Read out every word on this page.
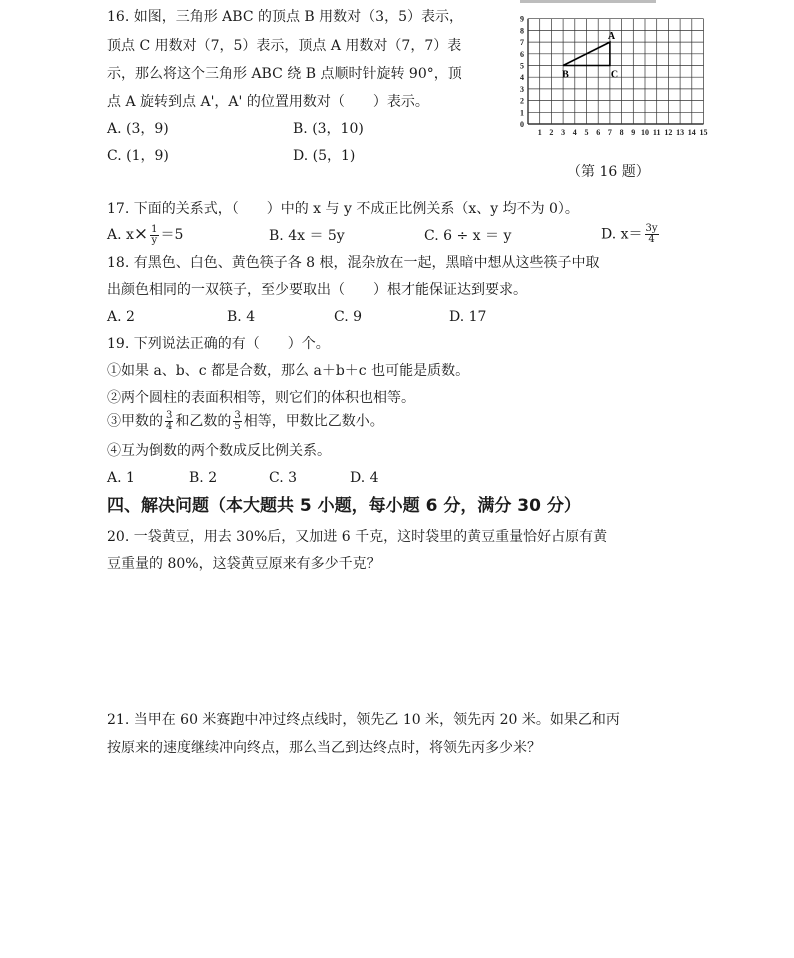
16. 如图，三角形 ABC 的顶点 B 用数对（3，5）表示，
顶点 C 用数对（7，5）表示，顶点 A 用数对（7，7）表
示，那么将这个三角形 ABC 绕 B 点顺时针旋转 90°，顶
点 A 旋转到点 A'，A' 的位置用数对（　　）表示。
A. (3，9)	B. (3，10)
C. (1，9)	D. (5，1)
1 2 3 4 5 6 7 8 9 10 11 12 13 14 15
0
1
2
3
4
5
6
7
8
9
A
B	C
（第 16 题）
17. 下面的关系式，（　　）中的 x 与 y 不成正比例关系（x、y 均不为 0）。
A. $x\times \frac{1}{y} =5$	B. 4x ＝ 5y	C. 6 ÷ x ＝ y	D. $x= \frac{3y}{4}$
18. 有黑色、白色、黄色筷子各 8 根，混杂放在一起，黑暗中想从这些筷子中取
出颜色相同的一双筷子，至少要取出（　　）根才能保证达到要求。
A. 2	B. 4	C. 9	D. 17
19. 下列说法正确的有（　　）个。
①如果 a、b、c 都是合数，那么 a＋b＋c 也可能是质数。
②两个圆柱的表面积相等，则它们的体积也相等。
③甲数的 $\frac{3}{4}$ 和乙数的 $\frac{3}{5}$ 相等，甲数比乙数小。
④互为倒数的两个数成反比例关系。
A. 1	B. 2	C. 3	D. 4
四、解决问题（本大题共 5 小题，每小题 6 分，满分 30 分）
20. 一袋黄豆，用去 30%后，又加进 6 千克，这时袋里的黄豆重量恰好占原有黄
豆重量的 80%，这袋黄豆原来有多少千克？
21. 当甲在 60 米赛跑中冲过终点线时，领先乙 10 米，领先丙 20 米。如果乙和丙
按原来的速度继续冲向终点，那么当乙到达终点时，将领先丙多少米？
